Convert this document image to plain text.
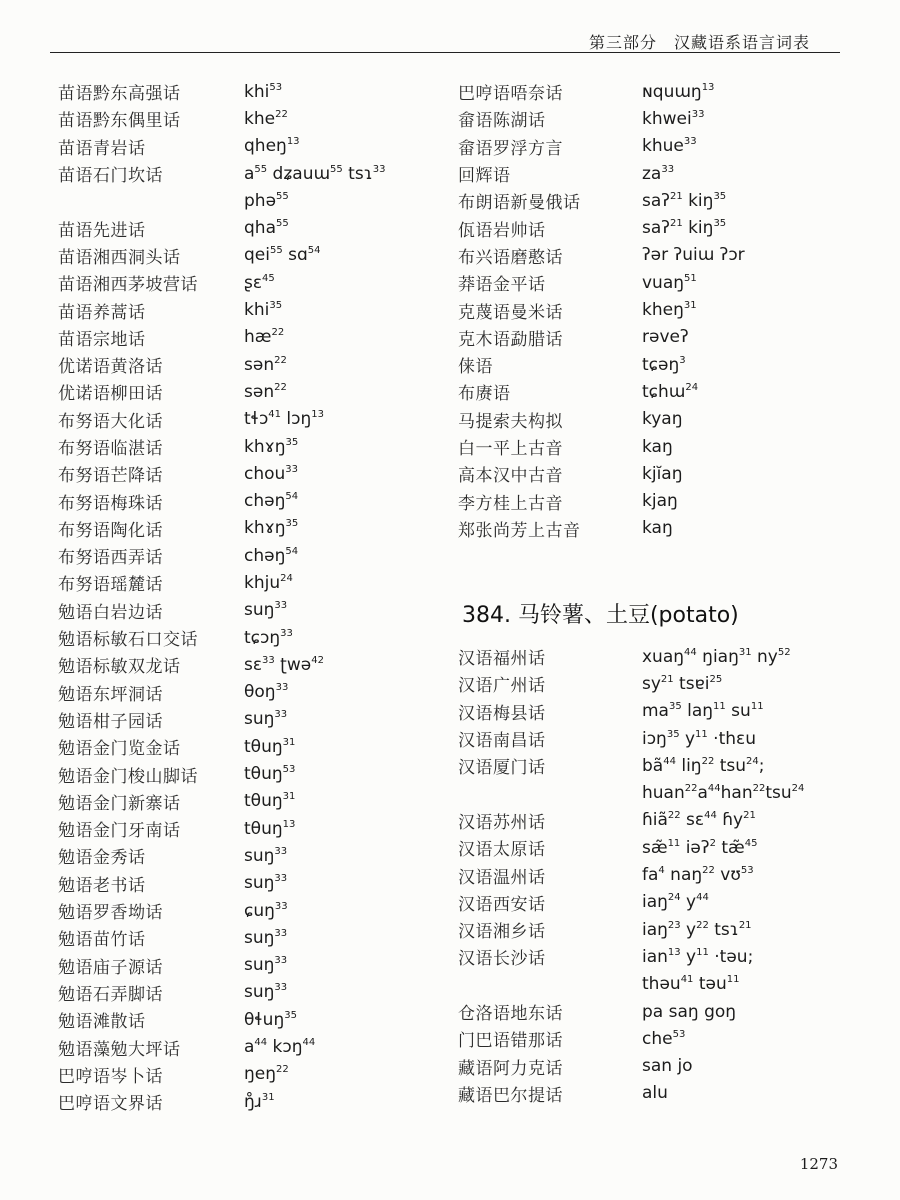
第三部分　汉藏语系语言词表
苗语黔东高强话	khi$^{53}$
苗语黔东偶里话	khe$^{22}$
苗语青岩话	qheŋ$^{13}$
苗语石门坎话	$a^{55}$ dʑauɯ$^{55}$ tsɿ$^{33}$
phə$^{55}$
苗语先进话	qha$^{55}$
苗语湘西洞头话	qei$^{55}$ sɑ$^{54}$
苗语湘西茅坡营话	ʂɛ$^{45}$
苗语养蒿话	khi$^{35}$
苗语宗地话	$hæ^{22}$
优诺语黄洛话	sən$^{22}$
优诺语柳田话	sən$^{22}$
布努语大化话	tɬɔ$^{41}$ lɔŋ$^{13}$
布努语临湛话	khɤŋ$^{35}$
布努语芒降话	chou$^{33}$
布努语梅珠话	chəŋ$^{54}$
布努语陶化话	khɤŋ$^{35}$
布努语西弄话	chəŋ$^{54}$
布努语瑶麓话	khju$^{24}$
勉语白岩边话	suŋ$^{33}$
勉语标敏石口交话	tɕɔŋ$^{33}$
勉语标敏双龙话	sɛ$^{33}$ ʈwə$^{42}$
勉语东坪洞话	θoŋ$^{33}$
勉语柑子园话	suŋ$^{33}$
勉语金门览金话	tθuŋ$^{31}$
勉语金门梭山脚话	tθuŋ$^{53}$
勉语金门新寨话	tθuŋ$^{31}$
勉语金门牙南话	tθuŋ$^{13}$
勉语金秀话	suŋ$^{33}$
勉语老书话	suŋ$^{33}$
勉语罗香坳话	ɕuŋ$^{33}$
勉语苗竹话	suŋ$^{33}$
勉语庙子源话	suŋ$^{33}$
勉语石弄脚话	suŋ$^{33}$
勉语滩散话	θɬuŋ$^{35}$
勉语藻勉大坪话	$a^{44}$ kɔŋ$^{44}$
巴哼语岑卜话	ŋeŋ$^{22}$
巴哼语文界话	ŋ̊ɹ$^{31}$
巴哼语唔奈话	ɴquɯŋ$^{13}$
畲语陈湖话	khwei$^{33}$
畲语罗浮方言	khue$^{33}$
回辉语	$za^{33}$
布朗语新曼俄话	saʔ$^{21}$ kiŋ$^{35}$
佤语岩帅话	saʔ$^{21}$ kiŋ$^{35}$
布兴语磨憨话	ʔər ʔuiɯ ʔɔr
莽语金平话	vuaŋ$^{51}$
克蔑语曼米话	kheŋ$^{31}$
克木语勐腊话	rəveʔ
俫语	tɕəŋ$^3$
布赓语	tɕhɯ$^{24}$
马提索夫构拟	kyaŋ
白一平上古音	kaŋ
高本汉中古音	kjĭaŋ
李方桂上古音	kjaŋ
郑张尚芳上古音	kaŋ
384. 马铃薯、土豆(potato)
汉语福州话	xuaŋ$^{44}$ ŋiaŋ$^{31}$ $ny^{52}$
汉语广州话	$sy^{21}$ tsɐi$^{25}$
汉语梅县话	$ma^{35}$ laŋ$^{11}$ $su^{11}$
汉语南昌话	iɔŋ$^{35}$ $y^{11}$ ·thɛu
汉语厦门话	$bã^{44}$ liŋ$^{22}$ tsu$^{24}$;
$huan^{22}a^{44}han^{22}tsu^{24}$
汉语苏州话	ɦiã$^{22}$ sɛ$^{44}$ ɦy$^{21}$
汉语太原话	sæ̃$^{11}$ iəʔ$^2$ tæ̃$^{45}$
汉语温州话	$fa^4$ naŋ$^{22}$ vʊ$^{53}$
汉语西安话	iaŋ$^{24}$ $y^{44}$
汉语湘乡话	iaŋ$^{23}$ $y^{22}$ tsɿ$^{21}$
汉语长沙话	ian$^{13}$ $y^{11}$ ·təu;
thəu$^{41}$ təu$^{11}$
仓洛语地东话	pa saŋ goŋ
门巴语错那话	che$^{53}$
藏语阿力克话	san jo
藏语巴尔提话	alu
1273
